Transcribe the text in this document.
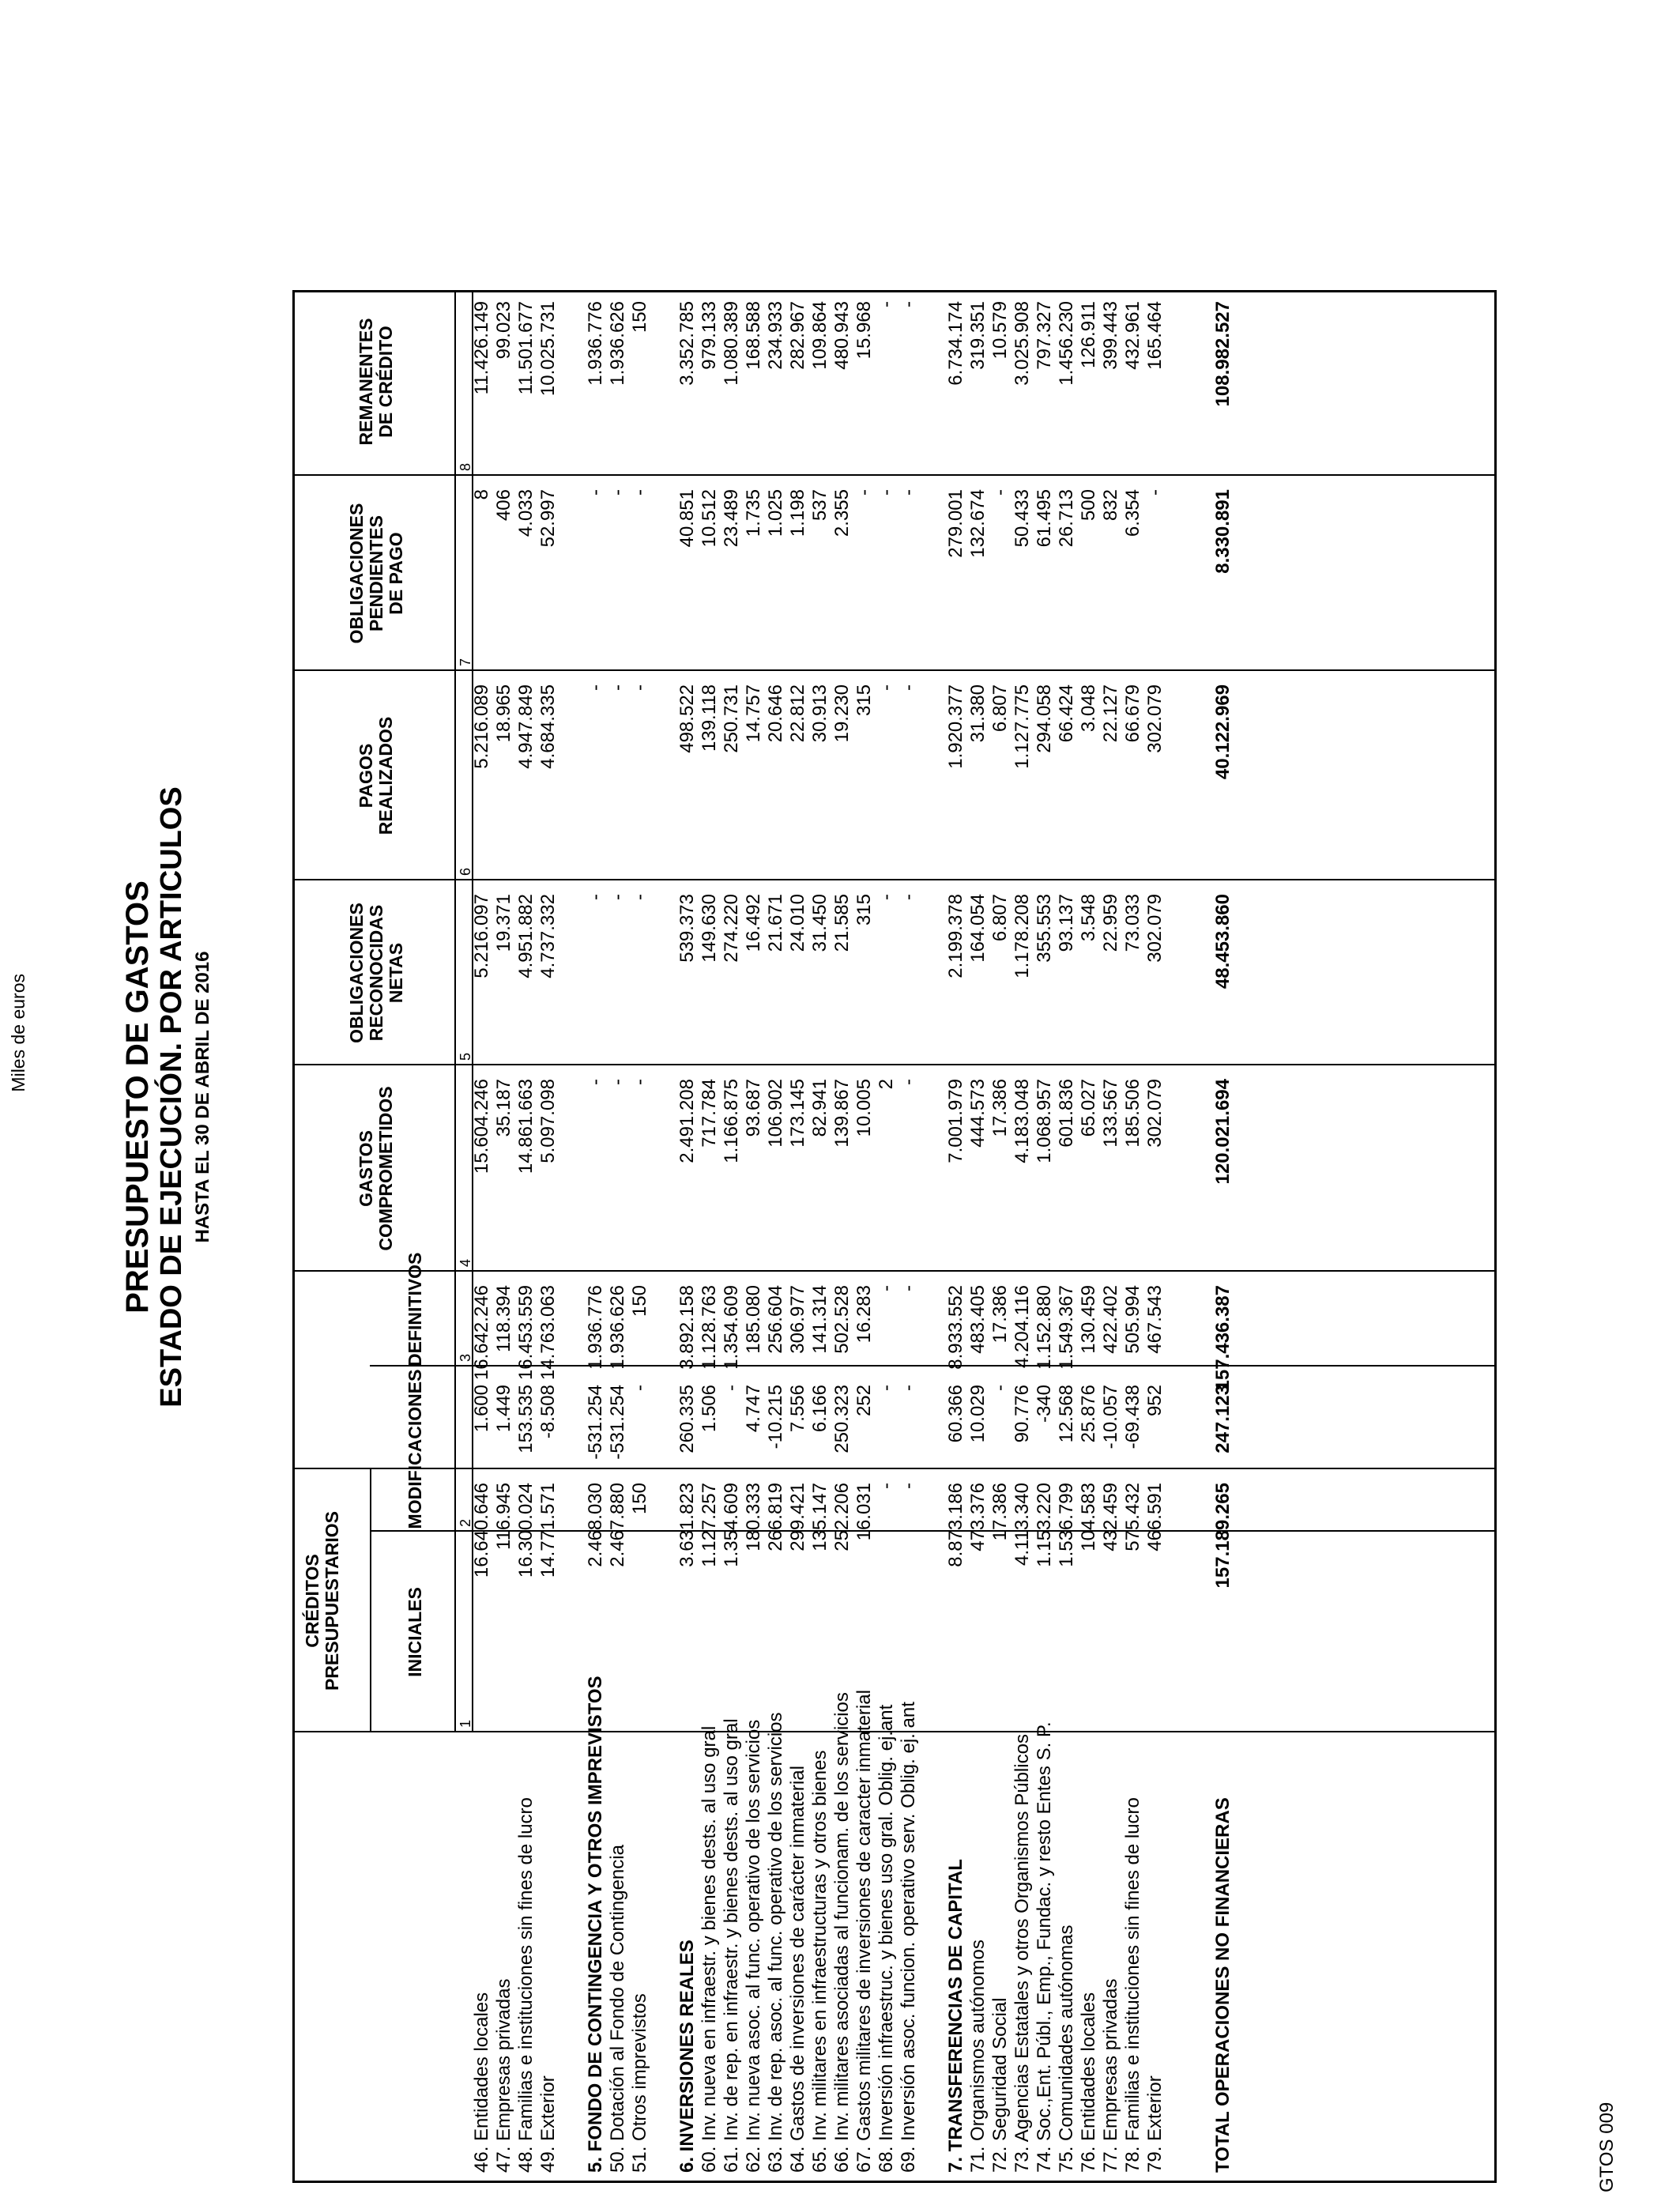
PRESUPUESTO DE GASTOS ESTADO DE EJECUCIÓN. POR ARTICULOS HASTA EL 30 DE ABRIL DE 2016
Miles de euros
GTOS 009
CRÉDITOS PRESUPUESTARIOS	INICIALES
MODIFICACIONES
DEFINITIVOS
GASTOS COMPROMETIDOS
OBLIGACIONES RECONOCIDAS NETAS
PAGOS REALIZADOS
OBLIGACIONES PENDIENTES DE PAGO
REMANENTES DE CRÉDITO
1
2
3
4
5
6
7
8
46. Entidades locales
16.640.646
1.600
16.642.246
15.604.246
5.216.097
5.216.089
8
11.426.149
47. Empresas privadas
116.945
1.449
118.394
35.187
19.371
18.965
406
99.023
48. Familias e instituciones sin fines de lucro
16.300.024
153.535
16.453.559
14.861.663
4.951.882
4.947.849
4.033
11.501.677
49. Exterior
14.771.571
-8.508
14.763.063
5.097.098
4.737.332
4.684.335
52.997
10.025.731
5. FONDO DE CONTINGENCIA Y OTROS IMPREVISTOS
2.468.030
-531.254
1.936.776
-
-
-
-
1.936.776
50. Dotación al Fondo de Contingencia
2.467.880
-531.254
1.936.626
-
-
-
-
1.936.626
51. Otros imprevistos
150
-
150
-
-
-
-
150
6. INVERSIONES REALES
3.631.823
260.335
3.892.158
2.491.208
539.373
498.522
40.851
3.352.785
60. Inv. nueva en infraestr. y bienes dests. al uso gral
1.127.257
1.506
1.128.763
717.784
149.630
139.118
10.512
979.133
61. Inv. de rep. en infraestr. y bienes dests. al uso gral
1.354.609
-
1.354.609
1.166.875
274.220
250.731
23.489
1.080.389
62. Inv. nueva asoc. al func. operativo de los servicios
180.333
4.747
185.080
93.687
16.492
14.757
1.735
168.588
63. Inv. de rep. asoc. al func. operativo de los servicios
266.819
-10.215
256.604
106.902
21.671
20.646
1.025
234.933
64. Gastos de inversiones de carácter inmaterial
299.421
7.556
306.977
173.145
24.010
22.812
1.198
282.967
65. Inv. militares en infraestructuras y otros bienes
135.147
6.166
141.314
82.941
31.450
30.913
537
109.864
66. Inv. militares asociadas al funcionam. de los servicios
252.206
250.323
502.528
139.867
21.585
19.230
2.355
480.943
67. Gastos militares de inversiones de caracter inmaterial
16.031
252
16.283
10.005
315
315
-
15.968
68. Inversión infraestruc. y bienes uso gral. Oblig. ej.ant
-
-
-
2
-
-
-
-
69. Inversión asoc. funcion. operativo serv. Oblig. ej. ant
-
-
-
-
-
-
-
-
7. TRANSFERENCIAS DE CAPITAL
8.873.186
60.366
8.933.552
7.001.979
2.199.378
1.920.377
279.001
6.734.174
71. Organismos autónomos
473.376
10.029
483.405
444.573
164.054
31.380
132.674
319.351
72. Seguridad Social
17.386
-
17.386
17.386
6.807
6.807
-
10.579
73. Agencias Estatales y otros Organismos Públicos
4.113.340
90.776
4.204.116
4.183.048
1.178.208
1.127.775
50.433
3.025.908
74. Soc.,Ent. Públ., Emp., Fundac. y resto Entes S. P.
1.153.220
-340
1.152.880
1.068.957
355.553
294.058
61.495
797.327
75. Comunidades autónomas
1.536.799
12.568
1.549.367
601.836
93.137
66.424
26.713
1.456.230
76. Entidades locales
104.583
25.876
130.459
65.027
3.548
3.048
500
126.911
77. Empresas privadas
432.459
-10.057
422.402
133.567
22.959
22.127
832
399.443
78. Familias e instituciones sin fines de lucro
575.432
-69.438
505.994
185.506
73.033
66.679
6.354
432.961
79. Exterior
466.591
952
467.543
302.079
302.079
302.079
-
165.464
TOTAL OPERACIONES NO FINANCIERAS
157.189.265
247.123
157.436.387
120.021.694
48.453.860
40.122.969
8.330.891
108.982.527
